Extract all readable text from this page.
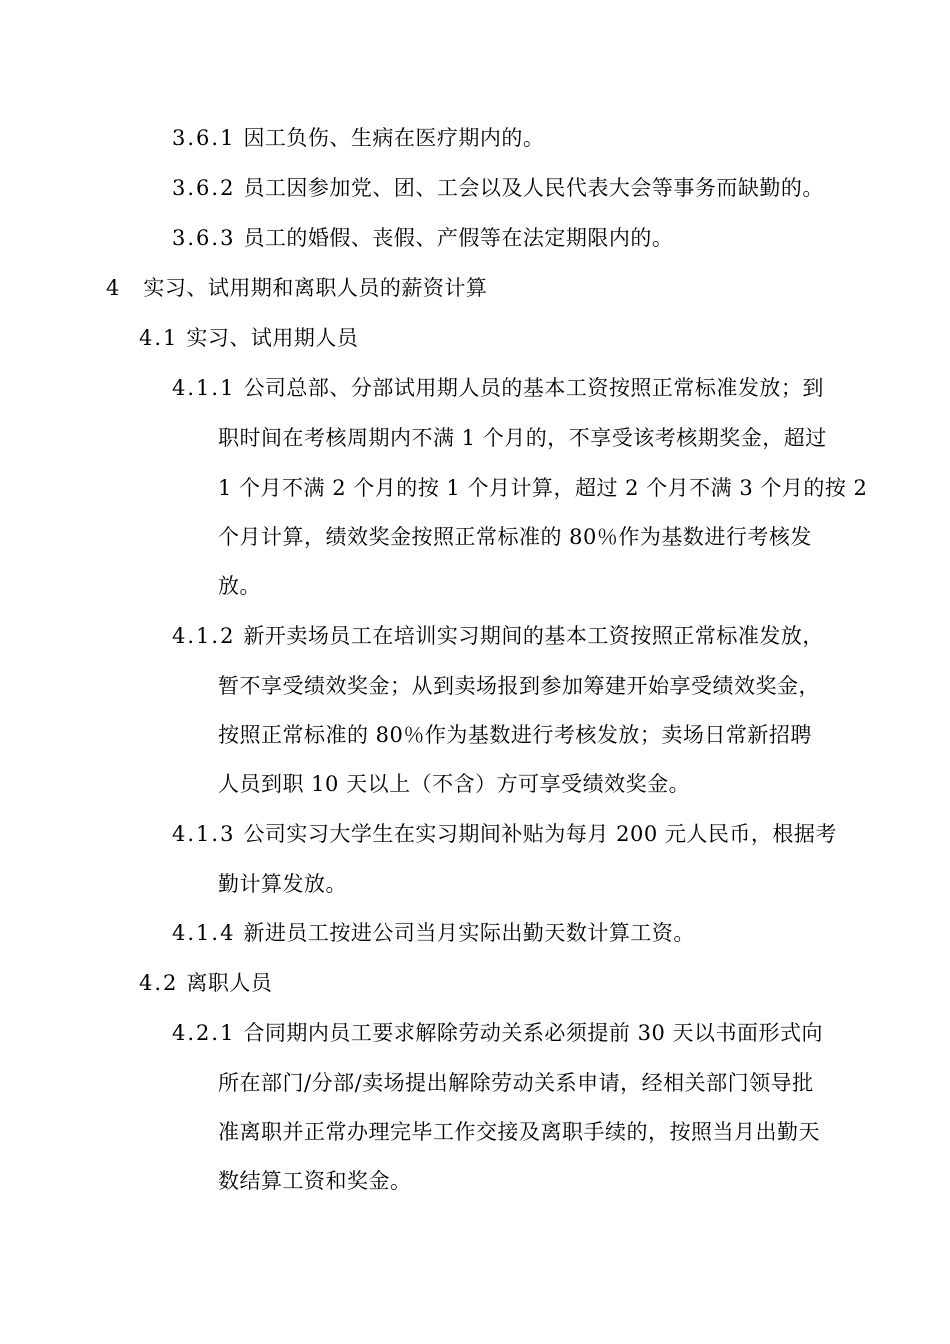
3.6.1 因工负伤、生病在医疗期内的。
3.6.2 员工因参加党、团、工会以及人民代表大会等事务而缺勤的。
3.6.3 员工的婚假、丧假、产假等在法定期限内的。
4 实习、试用期和离职人员的薪资计算
4.1 实习、试用期人员
4.1.1 公司总部、分部试用期人员的基本工资按照正常标准发放；到
职时间在考核周期内不满 1 个月的，不享受该考核期奖金，超过
1 个月不满 2 个月的按 1 个月计算，超过 2 个月不满 3 个月的按 2
个月计算，绩效奖金按照正常标准的 80％作为基数进行考核发
放。
4.1.2 新开卖场员工在培训实习期间的基本工资按照正常标准发放，
暂不享受绩效奖金；从到卖场报到参加筹建开始享受绩效奖金，
按照正常标准的 80％作为基数进行考核发放；卖场日常新招聘
人员到职 10 天以上（不含）方可享受绩效奖金。
4.1.3 公司实习大学生在实习期间补贴为每月 200 元人民币，根据考
勤计算发放。
4.1.4 新进员工按进公司当月实际出勤天数计算工资。
4.2 离职人员
4.2.1 合同期内员工要求解除劳动关系必须提前 30 天以书面形式向
所在部门/分部/卖场提出解除劳动关系申请，经相关部门领导批
准离职并正常办理完毕工作交接及离职手续的，按照当月出勤天
数结算工资和奖金。
